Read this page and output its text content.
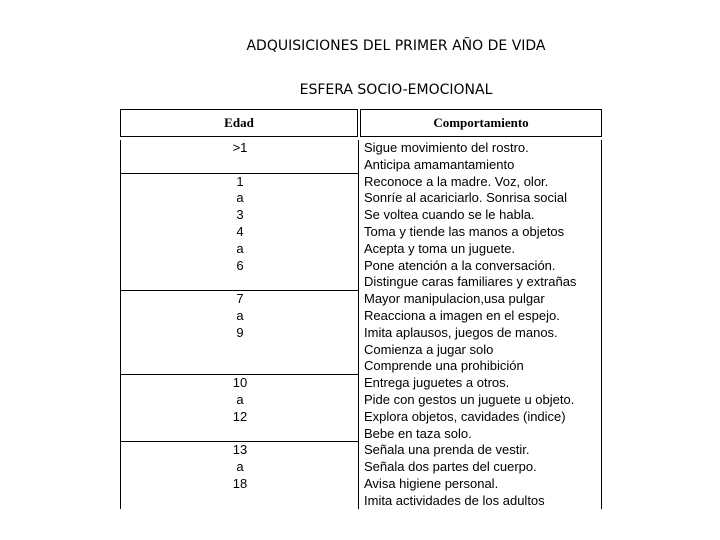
ADQUISICIONES DEL PRIMER AÑO DE VIDA
ESFERA SOCIO-EMOCIONAL
Edad	Comportamiento
>1

1
a
3
4
a
6

7
a
9

10
a
12

13
a
18
Sigue movimiento del rostro.
Anticipa amamantamiento
Reconoce a la madre. Voz, olor.
Sonríe al acariciarlo. Sonrisa social
Se voltea cuando se le habla.
Toma y tiende las manos a objetos
Acepta y toma un juguete.
Pone atención a la conversación.
Distingue caras familiares y extrañas
Mayor manipulacion,usa pulgar
Reacciona a imagen en el espejo.
Imita aplausos, juegos de manos.
Comienza a jugar solo
Comprende una prohibición
Entrega juguetes a otros.
Pide con gestos un juguete u objeto.
Explora objetos, cavidades (indice)
Bebe en taza solo.
Señala una prenda de vestir.
Señala dos partes del cuerpo.
Avisa higiene personal.
Imita actividades de los adultos
